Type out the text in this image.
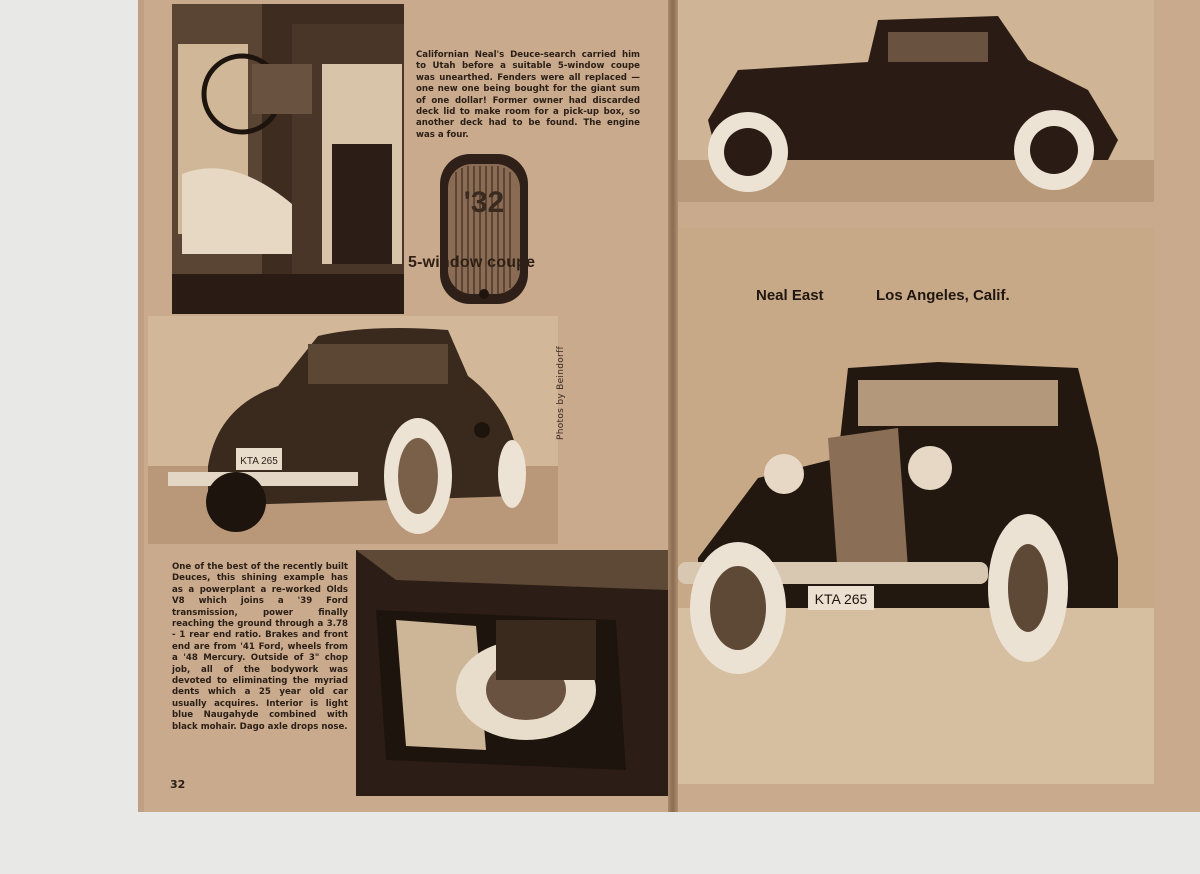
Californian Neal's Deuce-search carried him to Utah before a suitable 5-window coupe was unearthed. Fenders were all replaced — one new one being bought for the giant sum of one dollar! Former owner had discarded deck lid to make room for a pick-up box, so another deck had to be found. The engine was a four.

'32
5-window coupe
KTA 265
Photos by Beindorff

One of the best of the recently built Deuces, this shining example has as a powerplant a re-worked Olds V8 which joins a '39 Ford transmission, power finally reaching the ground through a 3.78 - 1 rear end ratio. Brakes and front end are from '41 Ford, wheels from a '48 Mercury. Outside of 3" chop job, all of the bodywork was devoted to eliminating the myriad dents which a 25 year old car usually acquires. Interior is light blue Naugahyde combined with black mohair. Dago axle drops nose.

32
KTA 265
Neal East	Los Angeles, Calif.
